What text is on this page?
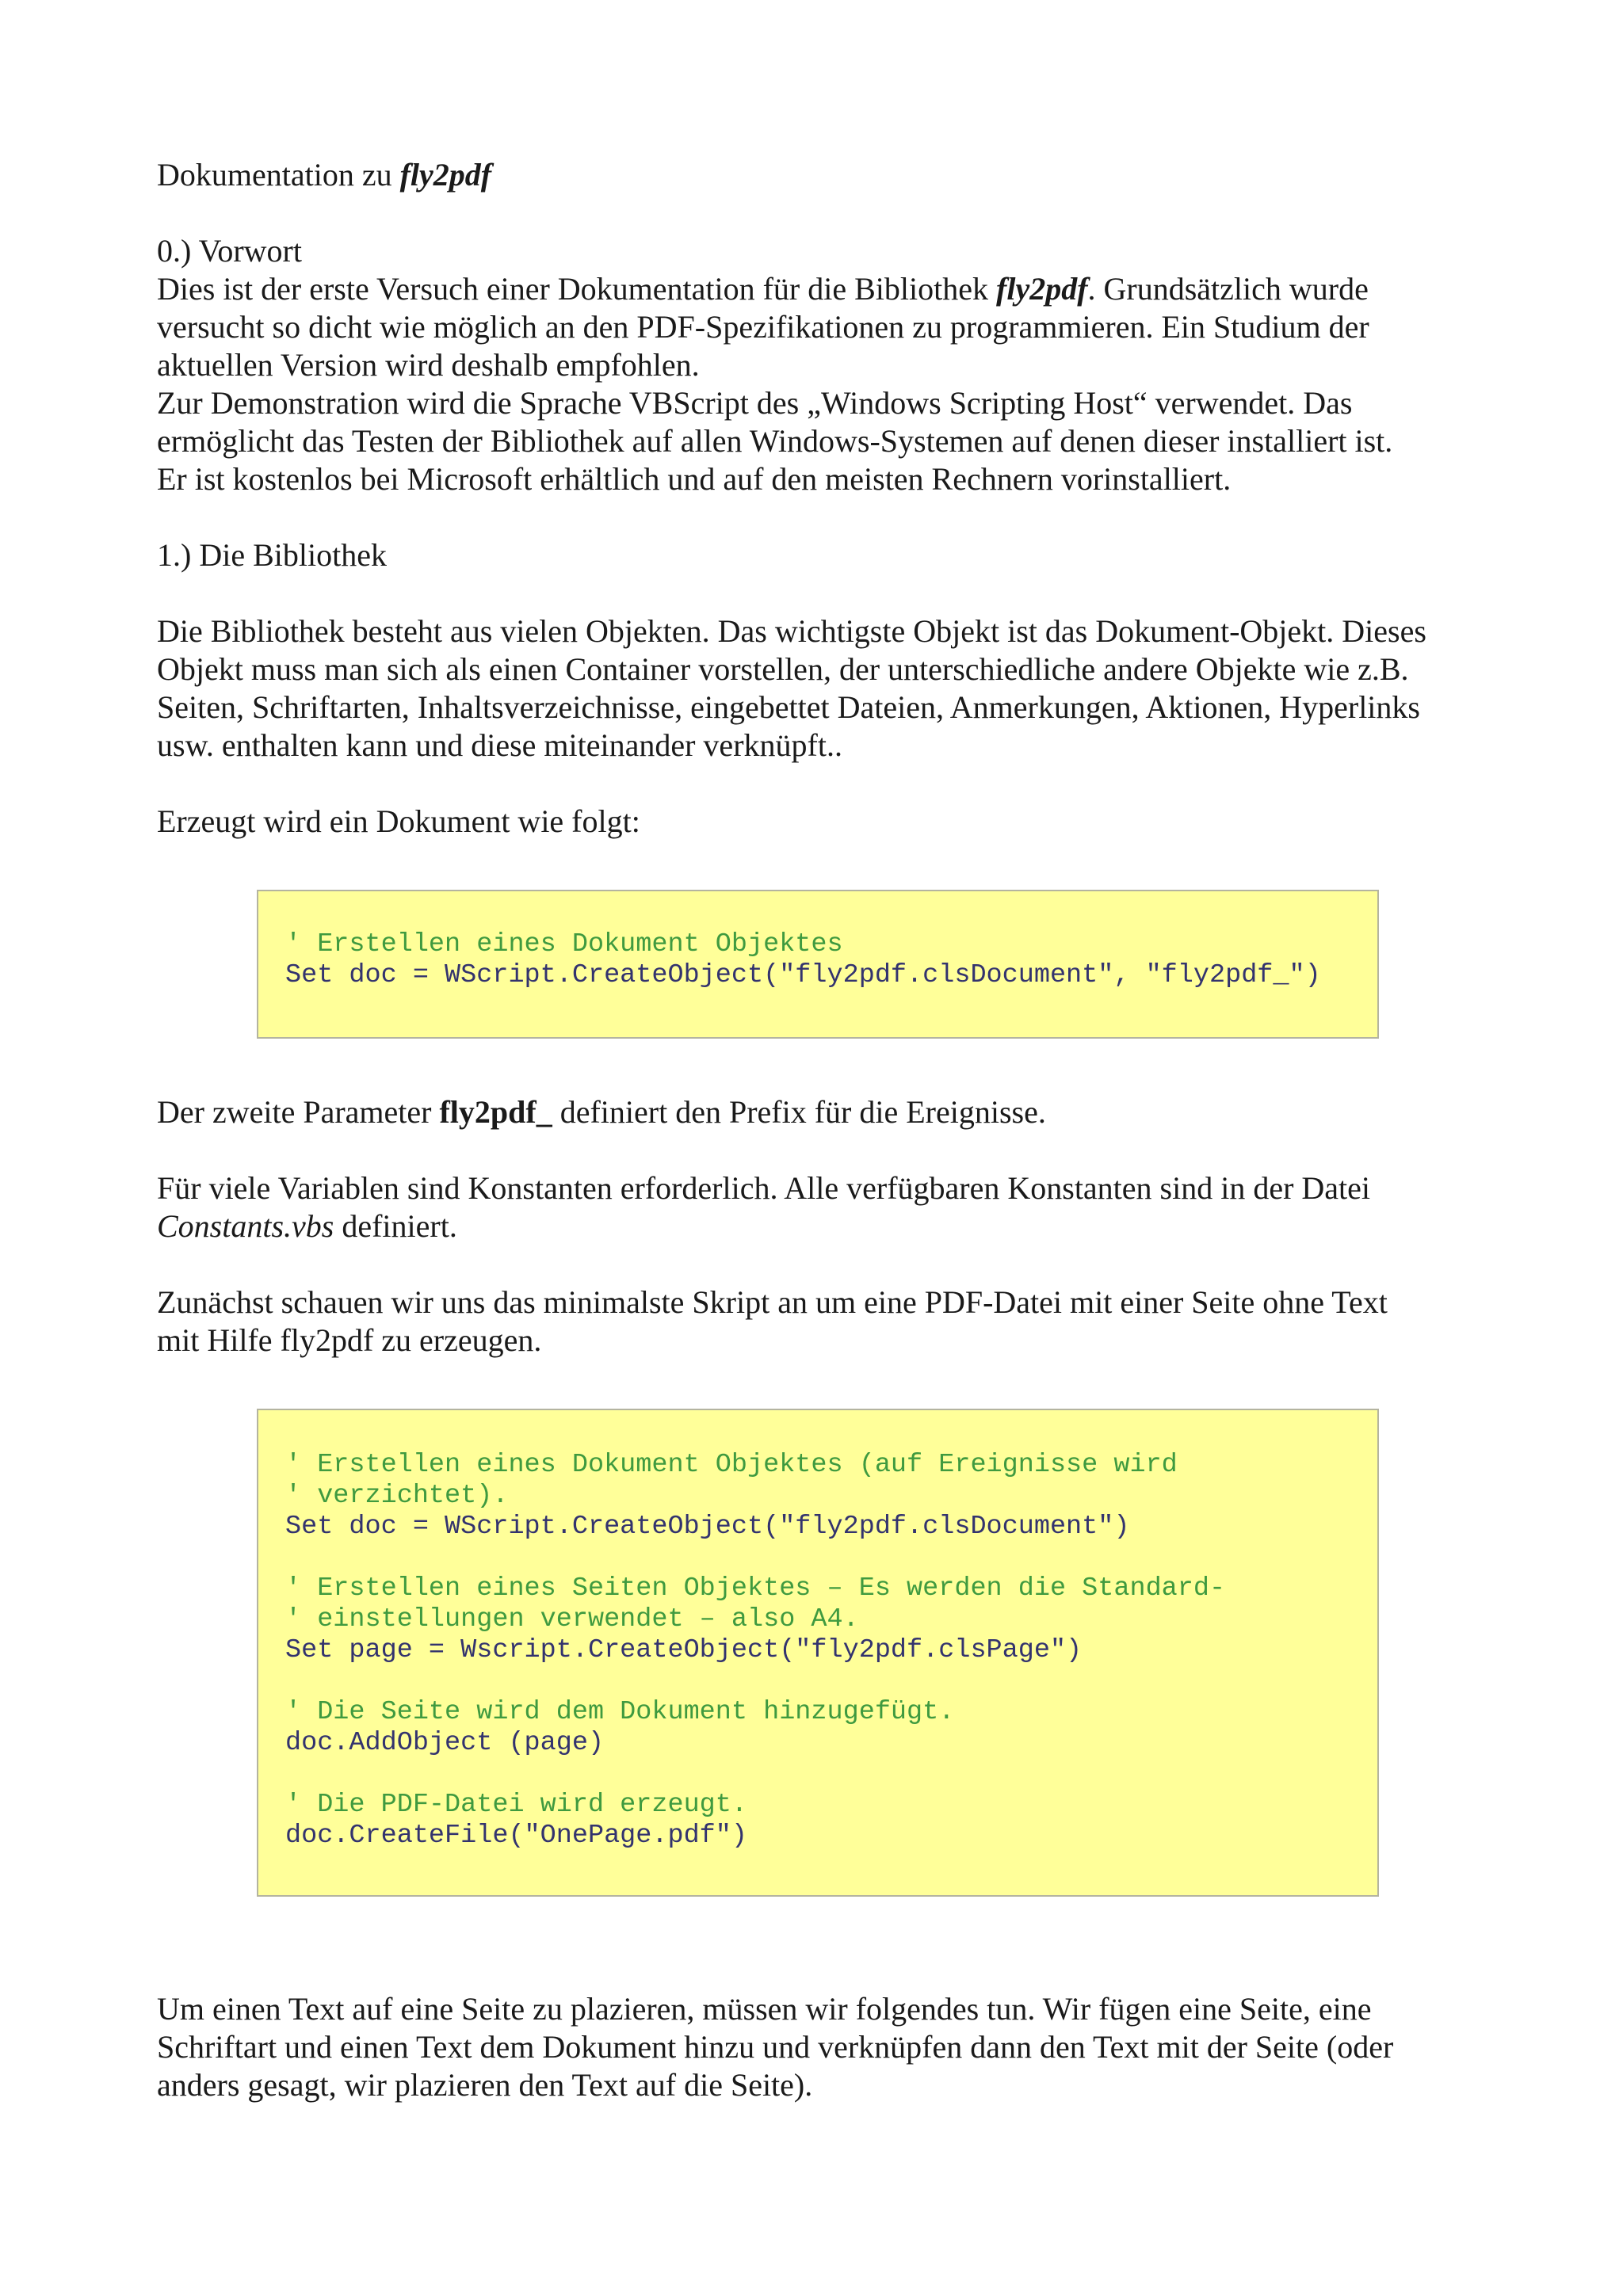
Dokumentation zu fly2pdf

0.) Vorwort
Dies ist der erste Versuch einer Dokumentation für die Bibliothek fly2pdf. Grundsätzlich wurde
versucht so dicht wie möglich an den PDF-Spezifikationen zu programmieren. Ein Studium der
aktuellen Version wird deshalb empfohlen.
Zur Demonstration wird die Sprache VBScript des „Windows Scripting Host“ verwendet. Das
ermöglicht das Testen der Bibliothek auf allen Windows-Systemen auf denen dieser installiert ist.
Er ist kostenlos bei Microsoft erhältlich und auf den meisten Rechnern vorinstalliert.

1.) Die Bibliothek

Die Bibliothek besteht aus vielen Objekten. Das wichtigste Objekt ist das Dokument-Objekt. Dieses
Objekt muss man sich als einen Container vorstellen, der unterschiedliche andere Objekte wie z.B.
Seiten, Schriftarten, Inhaltsverzeichnisse, eingebettet Dateien, Anmerkungen, Aktionen, Hyperlinks
usw. enthalten kann und diese miteinander verknüpft..

Erzeugt wird ein Dokument wie folgt:

' Erstellen eines Dokument Objektes
Set doc = WScript.CreateObject("fly2pdf.clsDocument", "fly2pdf_")

Der zweite Parameter fly2pdf_ definiert den Prefix für die Ereignisse.

Für viele Variablen sind Konstanten erforderlich. Alle verfügbaren Konstanten sind in der Datei
Constants.vbs definiert.

Zunächst schauen wir uns das minimalste Skript an um eine PDF-Datei mit einer Seite ohne Text
mit Hilfe fly2pdf zu erzeugen.

' Erstellen eines Dokument Objektes (auf Ereignisse wird
' verzichtet).
Set doc = WScript.CreateObject("fly2pdf.clsDocument")
' Erstellen eines Seiten Objektes – Es werden die Standard-
' einstellungen verwendet – also A4.
Set page = Wscript.CreateObject("fly2pdf.clsPage")
' Die Seite wird dem Dokument hinzugefügt.
doc.AddObject (page)
' Die PDF-Datei wird erzeugt.
doc.CreateFile("OnePage.pdf")

Um einen Text auf eine Seite zu plazieren, müssen wir folgendes tun. Wir fügen eine Seite, eine
Schriftart und einen Text dem Dokument hinzu und verknüpfen dann den Text mit der Seite (oder
anders gesagt, wir plazieren den Text auf die Seite).
